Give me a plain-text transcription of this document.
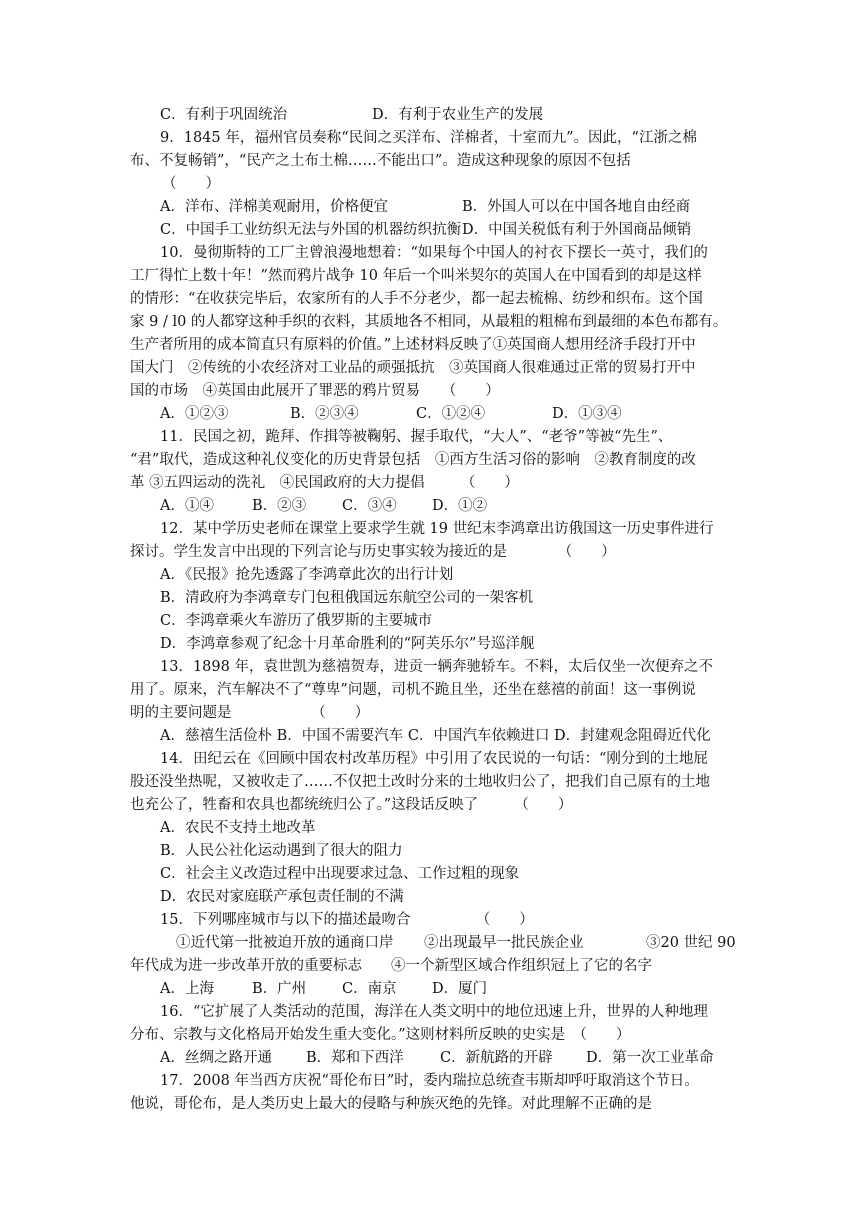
C．有利于巩固统治	D．有利于农业生产的发展
9．1845 年，福州官员奏称“民间之买洋布、洋棉者，十室而九”。因此，“江浙之棉
布、不复畅销”，“民产之土布土棉……不能出口”。造成这种现象的原因不包括
（　　）
A．洋布、洋棉美观耐用，价格便宜	B．外国人可以在中国各地自由经商
C．中国手工业纺织无法与外国的机器纺织抗衡 D．中国关税低有利于外国商品倾销
10．曼彻斯特的工厂主曾浪漫地想着：“如果每个中国人的衬衣下摆长一英寸，我们的
工厂得忙上数十年！”然而鸦片战争 10 年后一个叫米契尔的英国人在中国看到的却是这样
的情形：“在收获完毕后，农家所有的人手不分老少，都一起去梳棉、纺纱和织布。这个国
家 9 / l0 的人都穿这种手织的衣料，其质地各不相同，从最粗的粗棉布到最细的本色布都有。
生产者所用的成本简直只有原料的价值。”上述材料反映了①英国商人想用经济手段打开中
国大门　②传统的小农经济对工业品的顽强抵抗　③英国商人很难通过正常的贸易打开中
国的市场　④英国由此展开了罪恶的鸦片贸易　　（　　）
A．①②③	B．②③④	C．①②④	D．①③④
11．民国之初，跪拜、作揖等被鞠躬、握手取代，“大人”、“老爷”等被“先生”、
“君”取代，造成这种礼仪变化的历史背景包括　①西方生活习俗的影响　②教育制度的改
革 ③五四运动的洗礼　④民国政府的大力提倡　　　（　　）
A．①④	B．②③ C．③④ D．①②
12．某中学历史老师在课堂上要求学生就 19 世纪末李鸿章出访俄国这一历史事件进行
探讨。学生发言中出现的下列言论与历史事实较为接近的是　　　　（　　）
A．《民报》抢先透露了李鸿章此次的出行计划
B．清政府为李鸿章专门包租俄国远东航空公司的一架客机
C．李鸿章乘火车游历了俄罗斯的主要城市
D．李鸿章参观了纪念十月革命胜利的“阿芙乐尔”号巡洋舰
13．1898 年，袁世凯为慈禧贺寿，进贡一辆奔驰轿车。不料，太后仅坐一次便弃之不
用了。原来，汽车解决不了“尊卑”问题，司机不跪且坐，还坐在慈禧的前面！这一事例说
明的主要问题是　　　　　　（　　）
A．慈禧生活俭朴 B．中国不需要汽车 C．中国汽车依赖进口 D．封建观念阻碍近代化
14．田纪云在《回顾中国农村改革历程》中引用了农民说的一句话：“刚分到的土地屁
股还没坐热呢，又被收走了……不仅把土改时分来的土地收归公了，把我们自己原有的土地
也充公了，牲畜和农具也都统统归公了。”这段话反映了　　　（　　）
A．农民不支持土地改革
B．人民公社化运动遇到了很大的阻力
C．社会主义改造过程中出现要求过急、工作过粗的现象
D．农民对家庭联产承包责任制的不满
15．下列哪座城市与以下的描述最吻合　　　　　（　　）
①近代第一批被迫开放的通商口岸 ②出现最早一批民族企业	③20 世纪 90
年代成为进一步改革开放的重要标志　　④一个新型区域合作组织冠上了它的名字
A．上海	B．广州 C．南京 D．厦门
16．“它扩展了人类活动的范围，海洋在人类文明中的地位迅速上升，世界的人种地理
分布、宗教与文化格局开始发生重大变化。”这则材料所反映的史实是　（　　）
A．丝绸之路开通 B．郑和下西洋	C．新航路的开辟 D．第一次工业革命
17．2008 年当西方庆祝“哥伦布日”时，委内瑞拉总统查韦斯却呼吁取消这个节日。
他说，哥伦布，是人类历史上最大的侵略与种族灭绝的先锋。对此理解不正确的是
